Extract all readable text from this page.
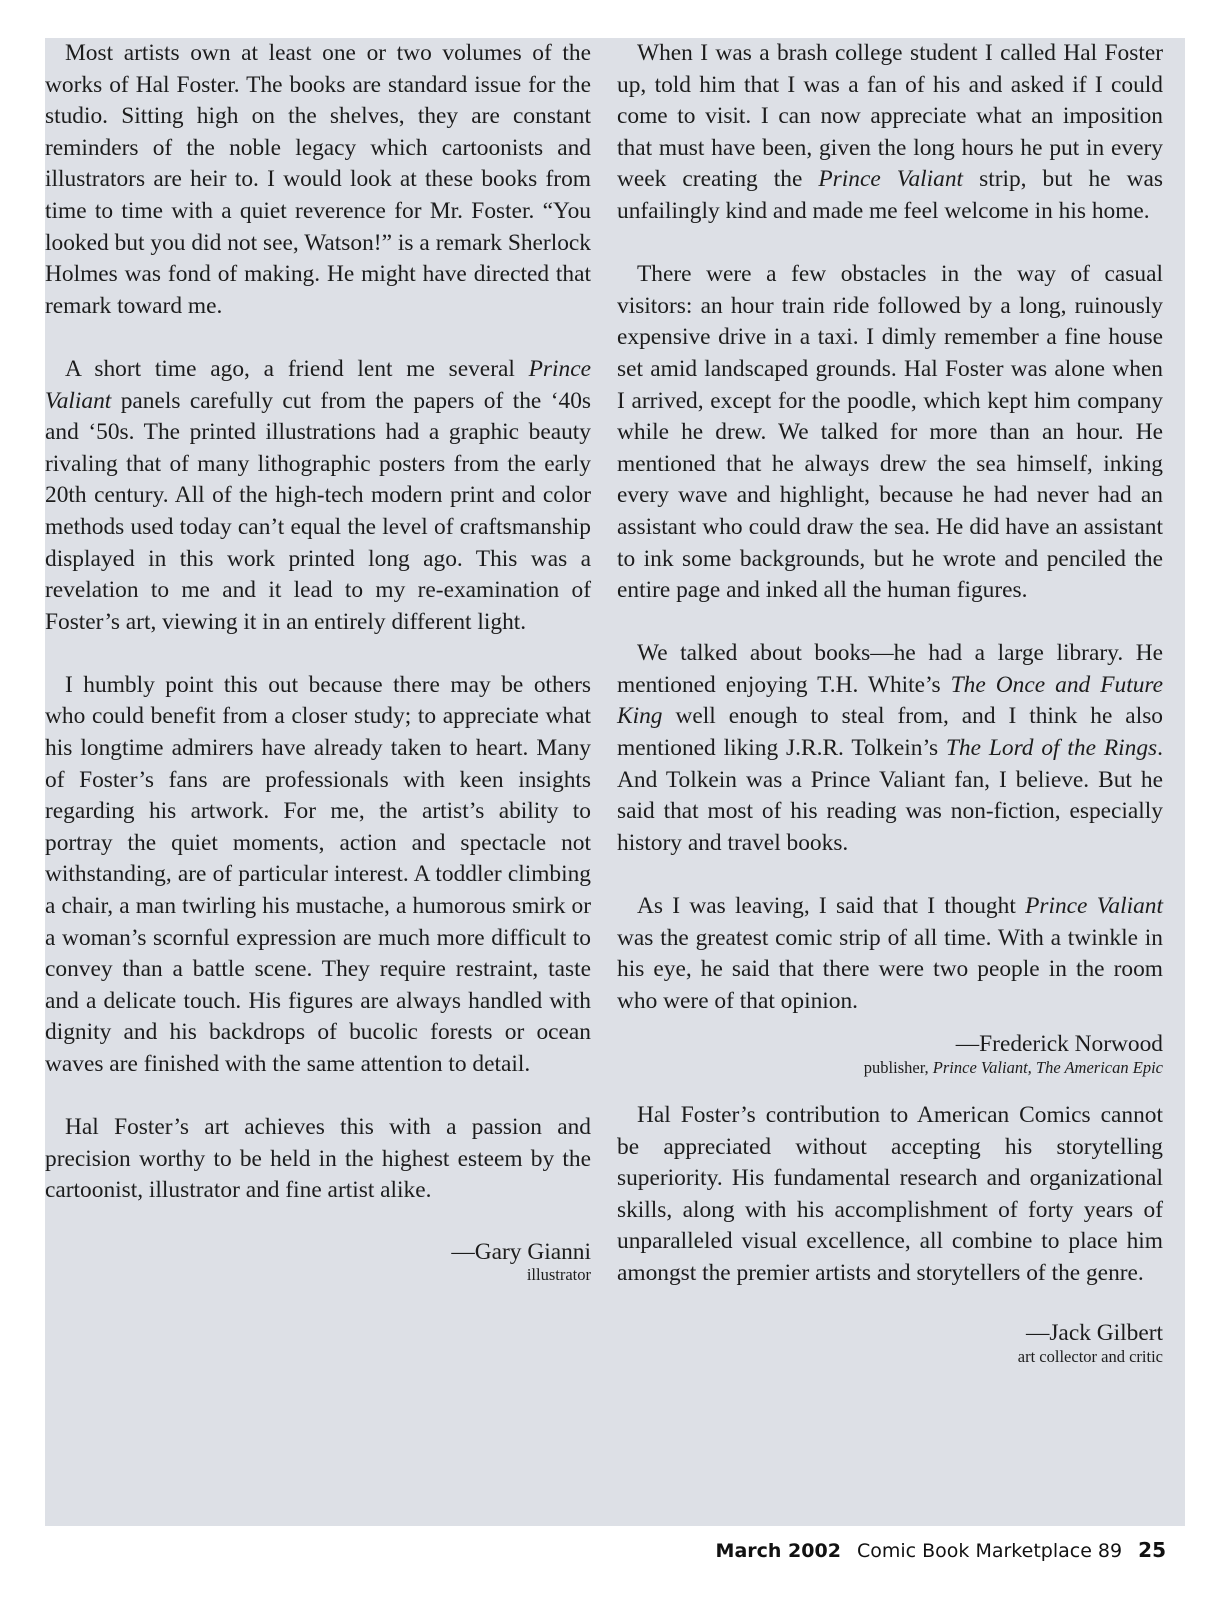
Most artists own at least one or two volumes of the works of Hal Foster. The books are standard issue for the studio. Sitting high on the shelves, they are constant reminders of the noble legacy which cartoonists and illustrators are heir to. I would look at these books from time to time with a quiet reverence for Mr. Foster. “You looked but you did not see, Watson!” is a remark Sherlock Holmes was fond of making. He might have directed that remark toward me.

A short time ago, a friend lent me several Prince Valiant panels carefully cut from the papers of the ‘40s and ‘50s. The printed illustrations had a graphic beauty rivaling that of many lithographic posters from the early 20th century. All of the high-tech modern print and color methods used today can’t equal the level of craftsmanship displayed in this work printed long ago. This was a revelation to me and it lead to my re-examination of Foster’s art, viewing it in an entirely different light.

I humbly point this out because there may be others who could benefit from a closer study; to appreciate what his longtime admirers have already taken to heart. Many of Foster’s fans are professionals with keen insights regarding his artwork. For me, the artist’s ability to portray the quiet moments, action and spectacle not withstanding, are of particular interest. A toddler climbing a chair, a man twirling his mustache, a humorous smirk or a woman’s scornful expression are much more difficult to convey than a battle scene. They require restraint, taste and a delicate touch. His figures are always handled with dignity and his backdrops of bucolic forests or ocean waves are finished with the same attention to detail.

Hal Foster’s art achieves this with a passion and precision worthy to be held in the highest esteem by the cartoonist, illustrator and fine artist alike.

—Gary Gianni
illustrator

When I was a brash college student I called Hal Foster up, told him that I was a fan of his and asked if I could come to visit. I can now appreciate what an imposition that must have been, given the long hours he put in every week creating the Prince Valiant strip, but he was unfailingly kind and made me feel welcome in his home.

There were a few obstacles in the way of casual visitors: an hour train ride followed by a long, ruinously expensive drive in a taxi. I dimly remember a fine house set amid landscaped grounds. Hal Foster was alone when I arrived, except for the poodle, which kept him company while he drew. We talked for more than an hour. He mentioned that he always drew the sea himself, inking every wave and highlight, because he had never had an assistant who could draw the sea. He did have an assistant to ink some backgrounds, but he wrote and penciled the entire page and inked all the human figures.

We talked about books—he had a large library. He mentioned enjoying T.H. White’s The Once and Future King well enough to steal from, and I think he also mentioned liking J.R.R. Tolkein’s The Lord of the Rings. And Tolkein was a Prince Valiant fan, I believe. But he said that most of his reading was non-fiction, especially history and travel books.

As I was leaving, I said that I thought Prince Valiant was the greatest comic strip of all time. With a twinkle in his eye, he said that there were two people in the room who were of that opinion.

—Frederick Norwood
publisher, Prince Valiant, The American Epic

Hal Foster’s contribution to American Comics cannot be appreciated without accepting his storytelling superiority. His fundamental research and organizational skills, along with his accomplishment of forty years of unparalleled visual excellence, all combine to place him amongst the premier artists and storytellers of the genre.

—Jack Gilbert
art collector and critic
March 2002 Comic Book Marketplace 89 25
